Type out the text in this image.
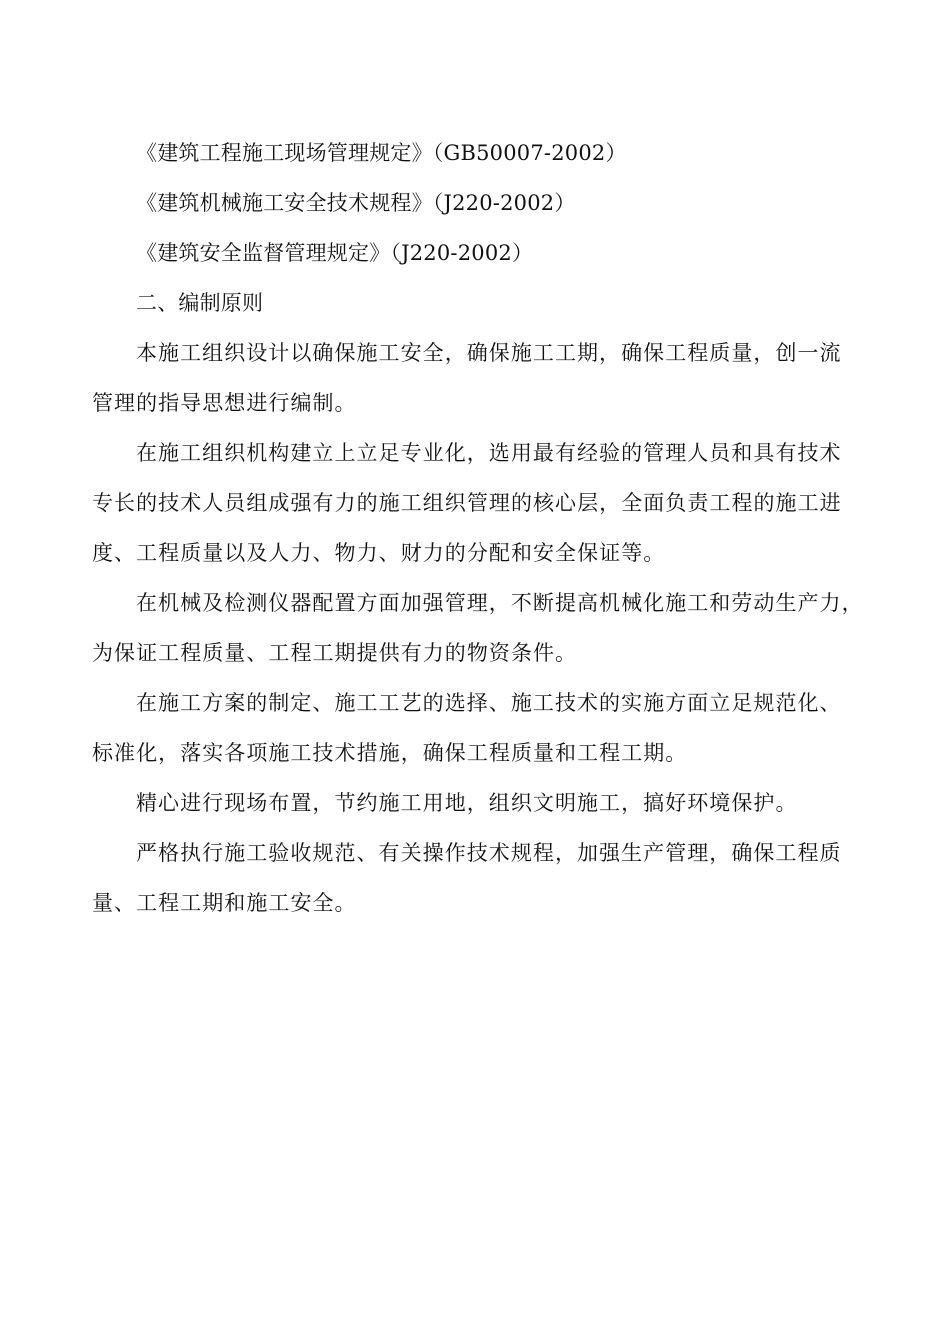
《建筑工程施工现场管理规定》（GB50007-2002）
《建筑机械施工安全技术规程》（J220-2002）
《建筑安全监督管理规定》（J220-2002）
二、编制原则
本施工组织设计以确保施工安全，确保施工工期，确保工程质量，创一流
管理的指导思想进行编制。
在施工组织机构建立上立足专业化，选用最有经验的管理人员和具有技术
专长的技术人员组成强有力的施工组织管理的核心层，全面负责工程的施工进
度、工程质量以及人力、物力、财力的分配和安全保证等。
在机械及检测仪器配置方面加强管理，不断提高机械化施工和劳动生产力，
为保证工程质量、工程工期提供有力的物资条件。
在施工方案的制定、施工工艺的选择、施工技术的实施方面立足规范化、
标准化，落实各项施工技术措施，确保工程质量和工程工期。
精心进行现场布置，节约施工用地，组织文明施工，搞好环境保护。
严格执行施工验收规范、有关操作技术规程，加强生产管理，确保工程质
量、工程工期和施工安全。
